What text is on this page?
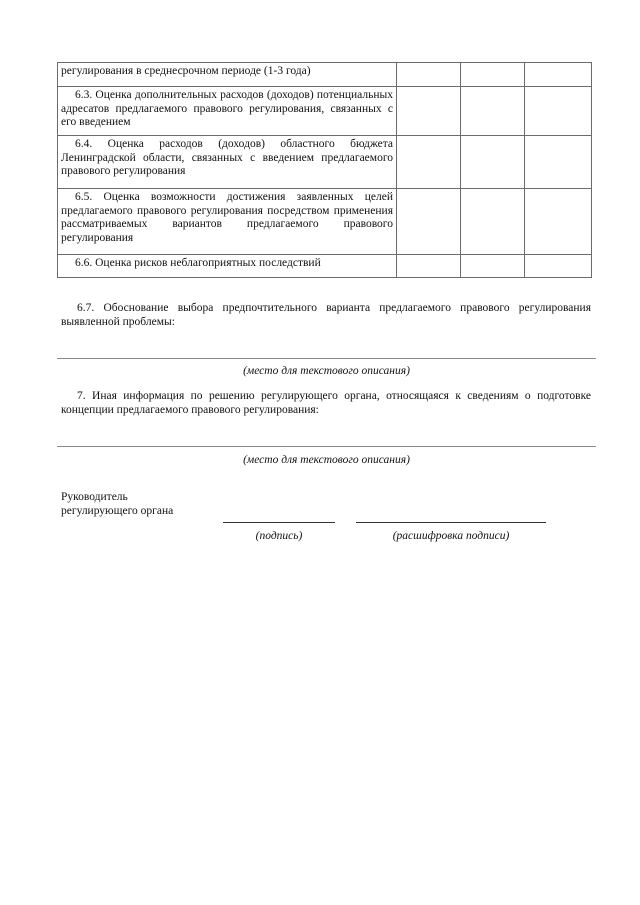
регулирования в среднесрочном периоде (1-3 года)			

6.3. Оценка дополнительных расходов (доходов) потенциальных адресатов предлагаемого правового регулирования, связанных с его введением			

6.4. Оценка расходов (доходов) областного бюджета Ленинградской области, связанных с введением предлагаемого правового регулирования			

6.5. Оценка возможности достижения заявленных целей предлагаемого правового регулирования посредством применения рассматриваемых вариантов предлагаемого правового регулирования			

6.6. Оценка рисков неблагоприятных последствий			

6.7. Обоснование выбора предпочтительного варианта предлагаемого правового регулирования выявленной проблемы:

(место для текстового описания)

7. Иная информация по решению регулирующего органа, относящаяся к сведениям о подготовке концепции предлагаемого правового регулирования:

(место для текстового описания)
Руководитель
регулирующего органа
(подпись)	(расшифровка подписи)
